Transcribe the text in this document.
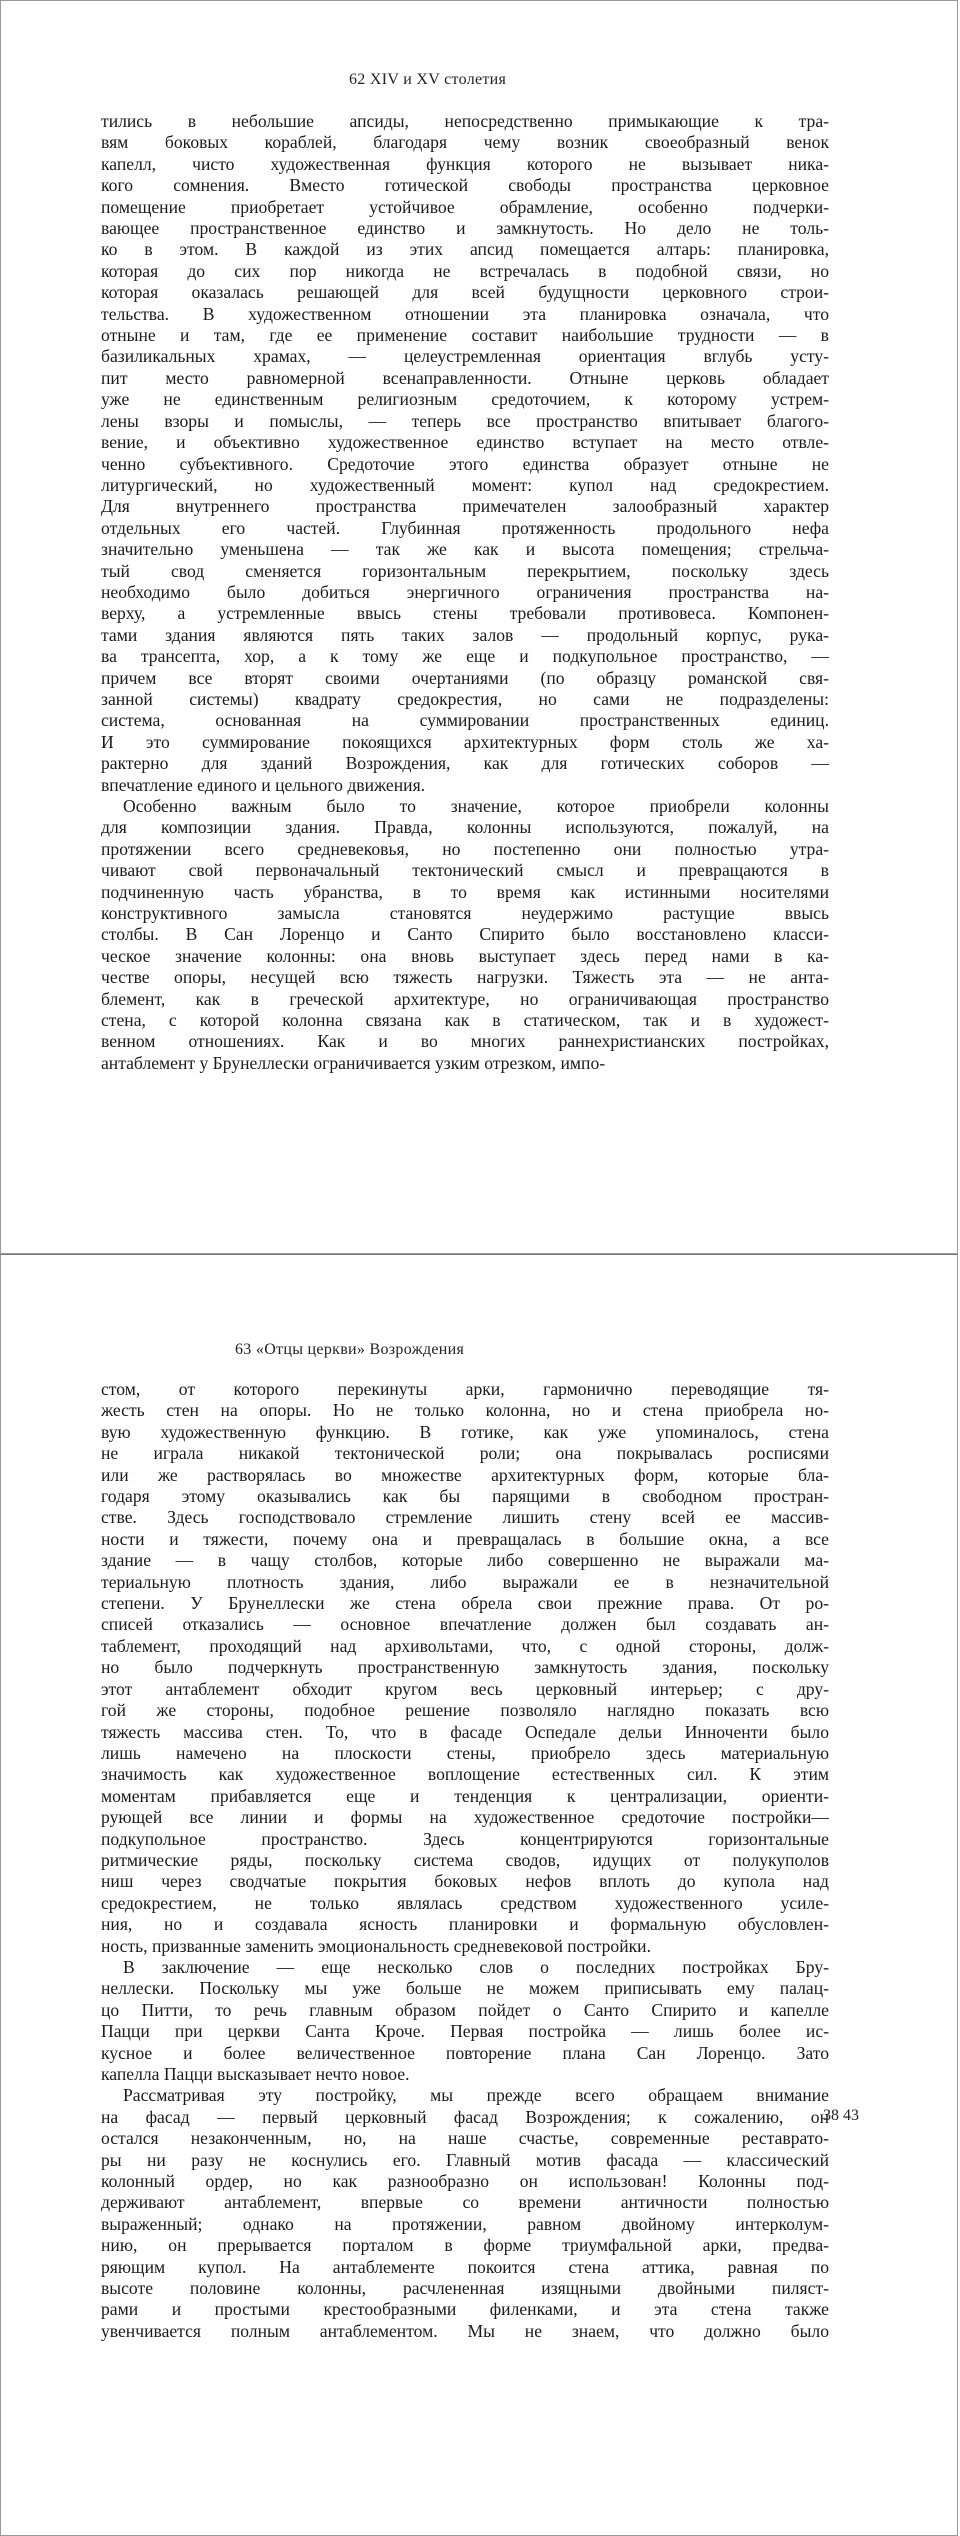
62 XIV и XV столетия
тились в небольшие апсиды, непосредственно примыкающие к тра-
вям боковых кораблей, благодаря чему возник своеобразный венок
капелл, чисто художественная функция которого не вызывает ника-
кого сомнения. Вместо готической свободы пространства церковное
помещение приобретает устойчивое обрамление, особенно подчерки-
вающее пространственное единство и замкнутость. Но дело не толь-
ко в этом. В каждой из этих апсид помещается алтарь: планировка,
которая до сих пор никогда не встречалась в подобной связи, но
которая оказалась решающей для всей будущности церковного строи-
тельства. В художественном отношении эта планировка означала, что
отныне и там, где ее применение составит наибольшие трудности — в
базиликальных храмах, — целеустремленная ориентация вглубь усту-
пит место равномерной всенаправленности. Отныне церковь обладает
уже не единственным религиозным средоточием, к которому устрем-
лены взоры и помыслы, — теперь все пространство впитывает благого-
вение, и объективно художественное единство вступает на место отвле-
ченно субъективного. Средоточие этого единства образует отныне не
литургический, но художественный момент: купол над средокрестием.
Для внутреннего пространства примечателен залообразный характер
отдельных его частей. Глубинная протяженность продольного нефа
значительно уменьшена — так же как и высота помещения; стрельча-
тый свод сменяется горизонтальным перекрытием, поскольку здесь
необходимо было добиться энергичного ограничения пространства на-
верху, а устремленные ввысь стены требовали противовеса. Компонен-
тами здания являются пять таких залов — продольный корпус, рука-
ва трансепта, хор, а к тому же еще и подкупольное пространство, —
причем все вторят своими очертаниями (по образцу романской свя-
занной системы) квадрату средокрестия, но сами не подразделены:
система, основанная на суммировании пространственных единиц.
И это суммирование покоящихся архитектурных форм столь же ха-
рактерно для зданий Возрождения, как для готических соборов —
впечатление единого и цельного движения.
Особенно важным было то значение, которое приобрели колонны
для композиции здания. Правда, колонны используются, пожалуй, на
протяжении всего средневековья, но постепенно они полностью утра-
чивают свой первоначальный тектонический смысл и превращаются в
подчиненную часть убранства, в то время как истинными носителями
конструктивного замысла становятся неудержимо растущие ввысь
столбы. В Сан Лоренцо и Санто Спирито было восстановлено класси-
ческое значение колонны: она вновь выступает здесь перед нами в ка-
честве опоры, несущей всю тяжесть нагрузки. Тяжесть эта — не анта-
блемент, как в греческой архитектуре, но ограничивающая пространство
стена, с которой колонна связана как в статическом, так и в художест-
венном отношениях. Как и во многих раннехристианских постройках,
антаблемент у Брунеллески ограничивается узким отрезком, импо-
63 «Отцы церкви» Возрождения
стом, от которого перекинуты арки, гармонично переводящие тя-
жесть стен на опоры. Но не только колонна, но и стена приобрела но-
вую художественную функцию. В готике, как уже упоминалось, стена
не играла никакой тектонической роли; она покрывалась росписями
или же растворялась во множестве архитектурных форм, которые бла-
годаря этому оказывались как бы парящими в свободном простран-
стве. Здесь господствовало стремление лишить стену всей ее массив-
ности и тяжести, почему она и превращалась в большие окна, а все
здание — в чащу столбов, которые либо совершенно не выражали ма-
териальную плотность здания, либо выражали ее в незначительной
степени. У Брунеллески же стена обрела свои прежние права. От ро-
списей отказались — основное впечатление должен был создавать ан-
таблемент, проходящий над архивольтами, что, с одной стороны, долж-
но было подчеркнуть пространственную замкнутость здания, поскольку
этот антаблемент обходит кругом весь церковный интерьер; с дру-
гой же стороны, подобное решение позволяло наглядно показать всю
тяжесть массива стен. То, что в фасаде Оспедале дельи Инноченти было
лишь намечено на плоскости стены, приобрело здесь материальную
значимость как художественное воплощение естественных сил. К этим
моментам прибавляется еще и тенденция к централизации, ориенти-
рующей все линии и формы на художественное средоточие постройки—
подкупольное пространство. Здесь концентрируются горизонтальные
ритмические ряды, поскольку система сводов, идущих от полукуполов
ниш через сводчатые покрытия боковых нефов вплоть до купола над
средокрестием, не только являлась средством художественного усиле-
ния, но и создавала ясность планировки и формальную обусловлен-
ность, призванные заменить эмоциональность средневековой постройки.
В заключение — еще несколько слов о последних постройках Бру-
неллески. Поскольку мы уже больше не можем приписывать ему палац-
цо Питти, то речь главным образом пойдет о Санто Спирито и капелле
Пацци при церкви Санта Кроче. Первая постройка — лишь более ис-
кусное и более величественное повторение плана Сан Лоренцо. Зато
капелла Пацци высказывает нечто новое.
Рассматривая эту постройку, мы прежде всего обращаем внимание
на фасад — первый церковный фасад Возрождения; к сожалению, он
остался незаконченным, но, на наше счастье, современные реставрато-
ры ни разу не коснулись его. Главный мотив фасада — классический
колонный ордер, но как разнообразно он использован! Колонны под-
держивают антаблемент, впервые со времени античности полностью
выраженный; однако на протяжении, равном двойному интерколум-
нию, он прерывается порталом в форме триумфальной арки, предва-
ряющим купол. На антаблементе покоится стена аттика, равная по
высоте половине колонны, расчлененная изящными двойными пиляст-
рами и простыми крестообразными филенками, и эта стена также
увенчивается полным антаблементом. Мы не знаем, что должно было
38 43
